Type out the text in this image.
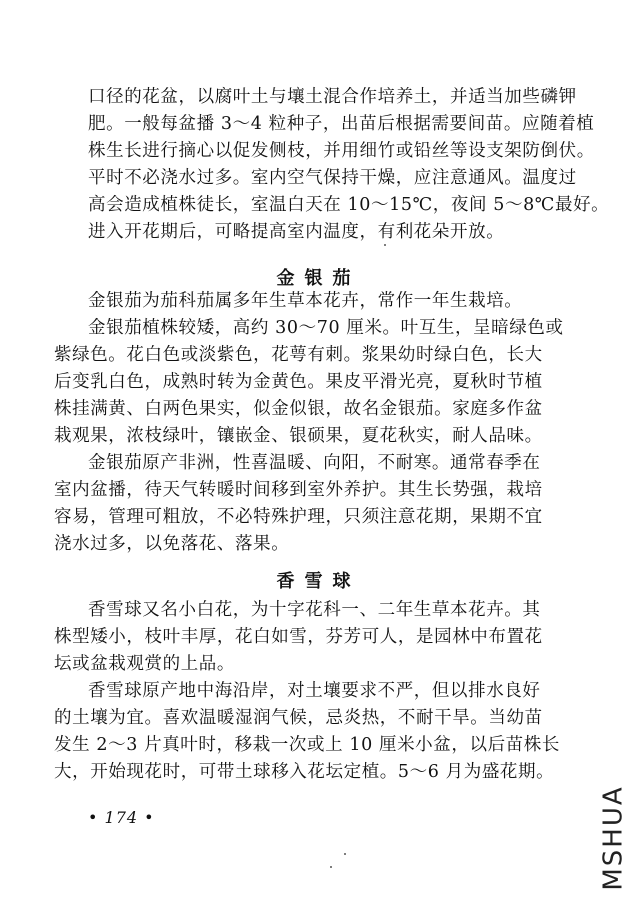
口径的花盆，以腐叶土与壤土混合作培养土，并适当加些磷钾
肥。一般每盆播 3～4 粒种子，出苗后根据需要间苗。应随着植
株生长进行摘心以促发侧枝，并用细竹或铅丝等设支架防倒伏。
平时不必浇水过多。室内空气保持干燥，应注意通风。温度过
高会造成植株徒长，室温白天在 10～15℃，夜间 5～8℃最好。
进入开花期后，可略提高室内温度，有利花朵开放。
金银茄
金银茄为茄科茄属多年生草本花卉，常作一年生栽培。
金银茄植株较矮，高约 30～70 厘米。叶互生，呈暗绿色或
紫绿色。花白色或淡紫色，花萼有刺。浆果幼时绿白色，长大
后变乳白色，成熟时转为金黄色。果皮平滑光亮，夏秋时节植
株挂满黄、白两色果实，似金似银，故名金银茄。家庭多作盆
栽观果，浓枝绿叶，镶嵌金、银硕果，夏花秋实，耐人品味。
金银茄原产非洲，性喜温暖、向阳，不耐寒。通常春季在
室内盆播，待天气转暖时间移到室外养护。其生长势强，栽培
容易，管理可粗放，不必特殊护理，只须注意花期，果期不宜
浇水过多，以免落花、落果。
香雪球
香雪球又名小白花，为十字花科一、二年生草本花卉。其
株型矮小，枝叶丰厚，花白如雪，芬芳可人，是园林中布置花
坛或盆栽观赏的上品。
香雪球原产地中海沿岸，对土壤要求不严，但以排水良好
的土壤为宜。喜欢温暖湿润气候，忌炎热，不耐干旱。当幼苗
发生 2～3 片真叶时，移栽一次或上 10 厘米小盆，以后苗株长
大，开始现花时，可带土球移入花坛定植。5～6 月为盛花期。
• 174 •	MSHUA
